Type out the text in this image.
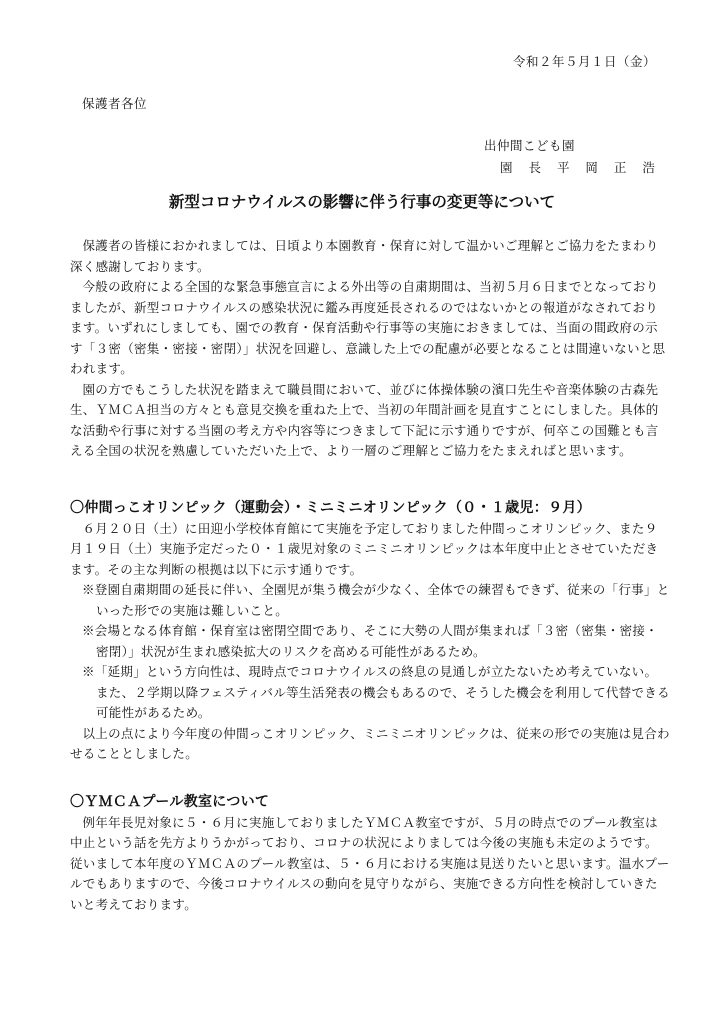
令和２年５月１日（金）
保護者各位
出仲間こども園
園 長 平 岡 正 浩
新型コロナウイルスの影響に伴う行事の変更等について

保護者の皆様におかれましては、日頃より本園教育・保育に対して温かいご理解とご協力をたまわり深く感謝しております。

今般の政府による全国的な緊急事態宣言による外出等の自粛期間は、当初５月６日までとなっておりましたが、新型コロナウイルスの感染状況に鑑み再度延長されるのではないかとの報道がなされております。いずれにしましても、園での教育・保育活動や行事等の実施におきましては、当面の間政府の示す「３密（密集・密接・密閉）」状況を回避し、意識した上での配慮が必要となることは間違いないと思われます。

園の方でもこうした状況を踏まえて職員間において、並びに体操体験の濱口先生や音楽体験の古森先生、ＹＭＣＡ担当の方々とも意見交換を重ねた上で、当初の年間計画を見直すことにしました。具体的な活動や行事に対する当園の考え方や内容等につきまして下記に示す通りですが、何卒この国難とも言える全国の状況を熟慮していただいた上で、より一層のご理解とご協力をたまえればと思います。

〇仲間っこオリンピック（運動会）・ミニミニオリンピック（０・１歳児：９月）

６月２０日（土）に田迎小学校体育館にて実施を予定しておりました仲間っこオリンピック、また９月１９日（土）実施予定だった０・１歳児対象のミニミニオリンピックは本年度中止とさせていただきます。その主な判断の根拠は以下に示す通りです。

※登園自粛期間の延長に伴い、全園児が集う機会が少なく、全体での練習もできず、従来の「行事」といった形での実施は難しいこと。

※会場となる体育館・保育室は密閉空間であり、そこに大勢の人間が集まれば「３密（密集・密接・密閉）」状況が生まれ感染拡大のリスクを高める可能性があるため。

※「延期」という方向性は、現時点でコロナウイルスの終息の見通しが立たないため考えていない。また、２学期以降フェスティバル等生活発表の機会もあるので、そうした機会を利用して代替できる可能性があるため。

以上の点により今年度の仲間っこオリンピック、ミニミニオリンピックは、従来の形での実施は見合わせることとしました。

〇ＹＭＣＡプール教室について

例年年長児対象に５・６月に実施しておりましたＹＭＣＡ教室ですが、５月の時点でのプール教室は中止という話を先方よりうかがっており、コロナの状況によりましては今後の実施も未定のようです。従いまして本年度のＹＭＣＡのプール教室は、５・６月における実施は見送りたいと思います。温水プールでもありますので、今後コロナウイルスの動向を見守りながら、実施できる方向性を検討していきたいと考えております。
